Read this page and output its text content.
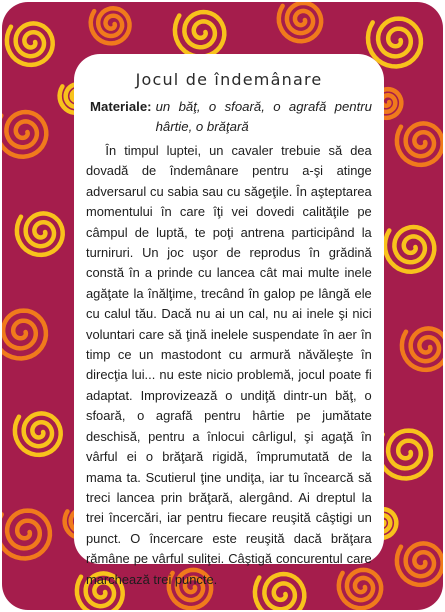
Jocul de îndemânare
Materiale: un băţ, o sfoară, o agrafă pentru hârtie, o brăţară

În timpul luptei, un cavaler trebuie să dea dovadă de îndemânare pentru a-şi atinge adversarul cu sabia sau cu săgeţile. În aşteptarea momentului în care îţi vei dovedi calităţile pe câmpul de luptă, te poţi antrena participând la turniruri. Un joc uşor de reprodus în grădină constă în a prinde cu lancea cât mai multe inele agăţate la înălţime, trecând în galop pe lângă ele cu calul tău. Dacă nu ai un cal, nu ai inele şi nici voluntari care să ţină inelele suspendate în aer în timp ce un mastodont cu armură năvăleşte în direcţia lui... nu este nicio problemă, jocul poate fi adaptat. Improvizează o undiţă dintr-un băţ, o sfoară, o agrafă pentru hârtie pe jumătate deschisă, pentru a înlocui cârligul, şi agaţă în vârful ei o brăţară rigidă, împrumutată de la mama ta. Scutierul ţine undiţa, iar tu încearcă să treci lancea prin brăţară, alergând. Ai dreptul la trei încercări, iar pentru fiecare reuşită câştigi un punct. O încercare este reuşită dacă brăţara rămâne pe vârful suliţei. Câştigă concurentul care marchează trei puncte.
